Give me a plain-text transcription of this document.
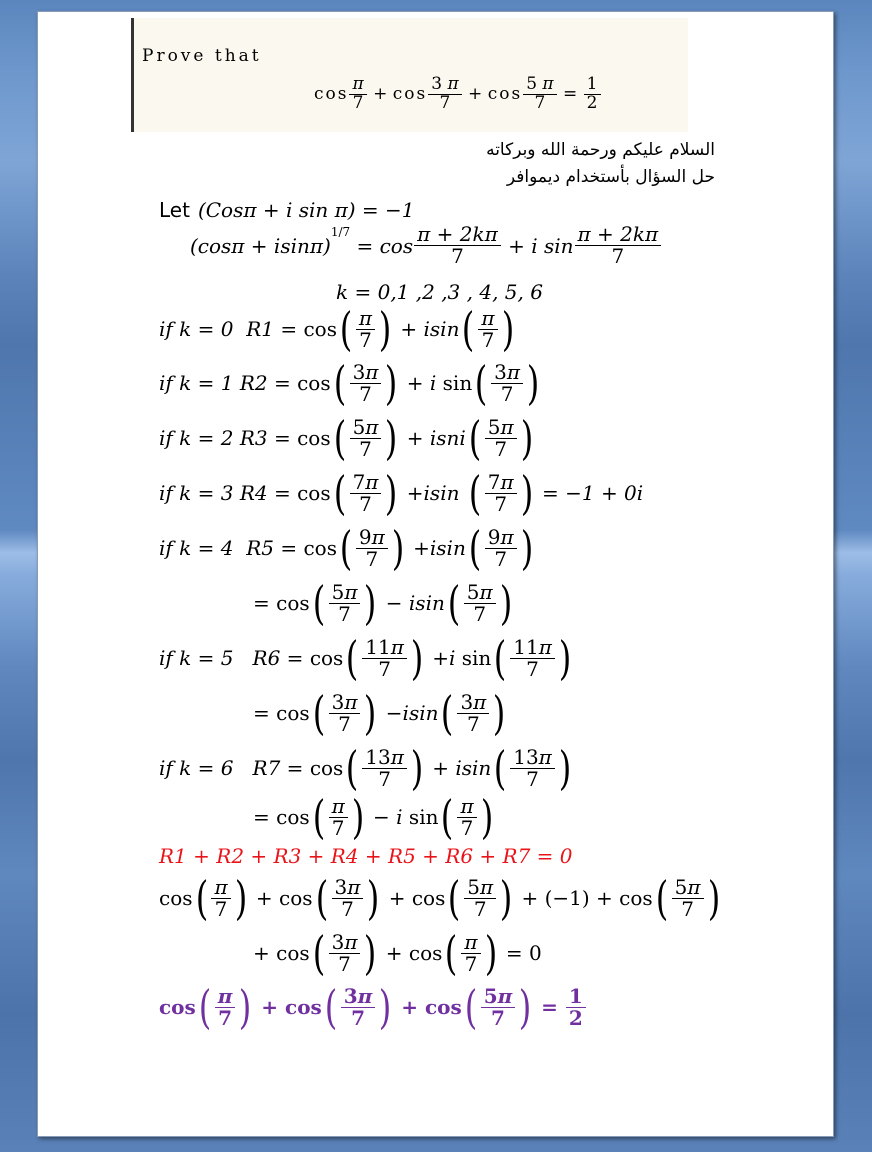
Prove that
$\cos \frac{\pi}{7} + \cos \frac{3 \pi}{7} + \cos \frac{5 \pi}{7} = \frac{1}{2}$
السلام عليكم ورحمة الله وبركاته
حل السؤال بأستخدام ديموافر
Let (Cosπ + i sin π) = −1
(cosπ + isinπ)
1/7
= $\cos \frac{\pi + 2k\pi}{7} + i$ $\sin \frac{\pi + 2k\pi}{7}$
k = 0,1 ,2 ,3 , 4, 5, 6
if k = 0  R1 = cos ( $\frac{\pi}{7}$ ) + isin ( $\frac{\pi}{7}$ )
if k = 1 R2 = cos ( $\frac{3\pi}{7}$ ) + i sin ( $\frac{3\pi}{7}$ )
if k = 2 R3 = cos ( $\frac{5\pi}{7}$ ) + isni ( $\frac{5\pi}{7}$ )
if k = 3 R4 = cos ( $\frac{7\pi}{7}$ ) + isin ( $\frac{7\pi}{7}$ )
= −1 + 0i
if k = 4  R5 = cos ( $\frac{9\pi}{7}$ ) + isin ( $\frac{9\pi}{7}$ )
= cos ( $\frac{5\pi}{7}$ ) − isin ( $\frac{5\pi}{7}$ )
if k = 5   R6 = cos ( $\frac{11\pi}{7}$ ) + i sin ( $\frac{11\pi}{7}$ )
= cos ( $\frac{3\pi}{7}$ ) − isin ( $\frac{3\pi}{7}$ )
if k = 6   R7 = cos ( $\frac{13\pi}{7}$ ) + isin ( $\frac{13\pi}{7}$ )
= cos ( $\frac{\pi}{7}$ ) − i sin ( $\frac{\pi}{7}$ )
R1 + R2 + R3 + R4 + R5 + R6 + R7 = 0
cos ( $\frac{\pi}{7}$ ) + cos ( $\frac{3\pi}{7}$ ) + cos ( $\frac{5\pi}{7}$ ) + (−1) + cos ( $\frac{5\pi}{7}$ )
+ cos ( $\frac{3\pi}{7}$ ) + cos ( $\frac{\pi}{7}$ )
= 0
cos ( $\frac{\pi}{7}$ ) + cos ( $\frac{3\pi}{7}$ ) + cos ( $\frac{5\pi}{7}$ ) = $\frac{1}{2}$
